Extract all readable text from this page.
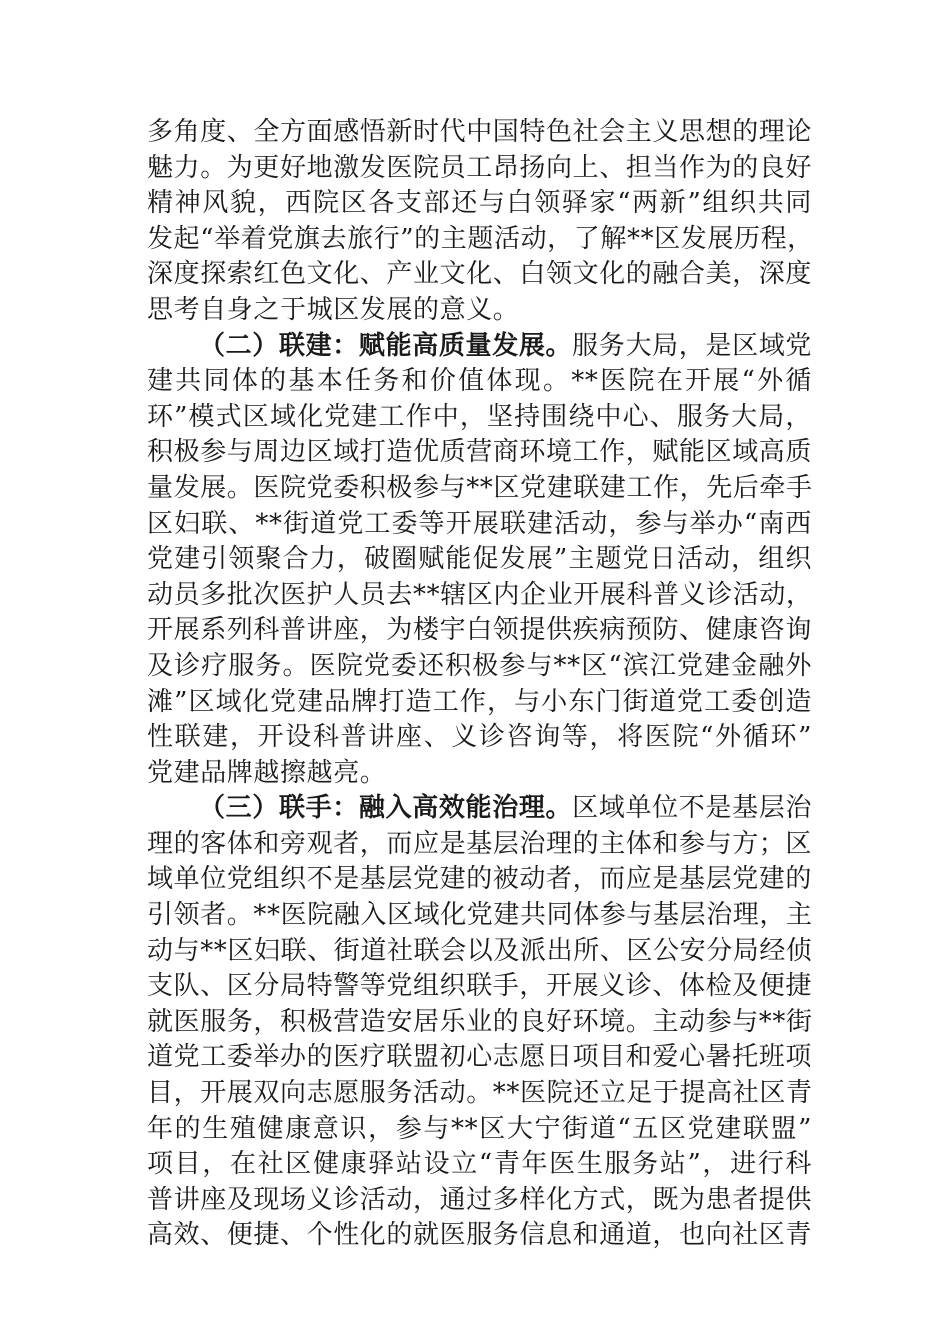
多角度、全方面感悟新时代中国特色社会主义思想的理论
魅力。为更好地激发医院员工昂扬向上、担当作为的良好
精神风貌，西院区各支部还与白领驿家“两新”组织共同
发起“举着党旗去旅行”的主题活动，了解**区发展历程，
深度探索红色文化、产业文化、白领文化的融合美，深度
思考自身之于城区发展的意义。
（二）联建：赋能高质量发展。服务大局，是区域党
建共同体的基本任务和价值体现。**医院在开展“外循
环”模式区域化党建工作中，坚持围绕中心、服务大局，
积极参与周边区域打造优质营商环境工作，赋能区域高质
量发展。医院党委积极参与**区党建联建工作，先后牵手
区妇联、**街道党工委等开展联建活动，参与举办“南西
党建引领聚合力，破圈赋能促发展”主题党日活动，组织
动员多批次医护人员去**辖区内企业开展科普义诊活动，
开展系列科普讲座，为楼宇白领提供疾病预防、健康咨询
及诊疗服务。医院党委还积极参与**区“滨江党建金融外
滩”区域化党建品牌打造工作，与小东门街道党工委创造
性联建，开设科普讲座、义诊咨询等，将医院“外循环”
党建品牌越擦越亮。
（三）联手：融入高效能治理。区域单位不是基层治
理的客体和旁观者，而应是基层治理的主体和参与方；区
域单位党组织不是基层党建的被动者，而应是基层党建的
引领者。**医院融入区域化党建共同体参与基层治理，主
动与**区妇联、街道社联会以及派出所、区公安分局经侦
支队、区分局特警等党组织联手，开展义诊、体检及便捷
就医服务，积极营造安居乐业的良好环境。主动参与**街
道党工委举办的医疗联盟初心志愿日项目和爱心暑托班项
目，开展双向志愿服务活动。**医院还立足于提高社区青
年的生殖健康意识，参与**区大宁街道“五区党建联盟”
项目，在社区健康驿站设立“青年医生服务站”，进行科
普讲座及现场义诊活动，通过多样化方式，既为患者提供
高效、便捷、个性化的就医服务信息和通道，也向社区青
